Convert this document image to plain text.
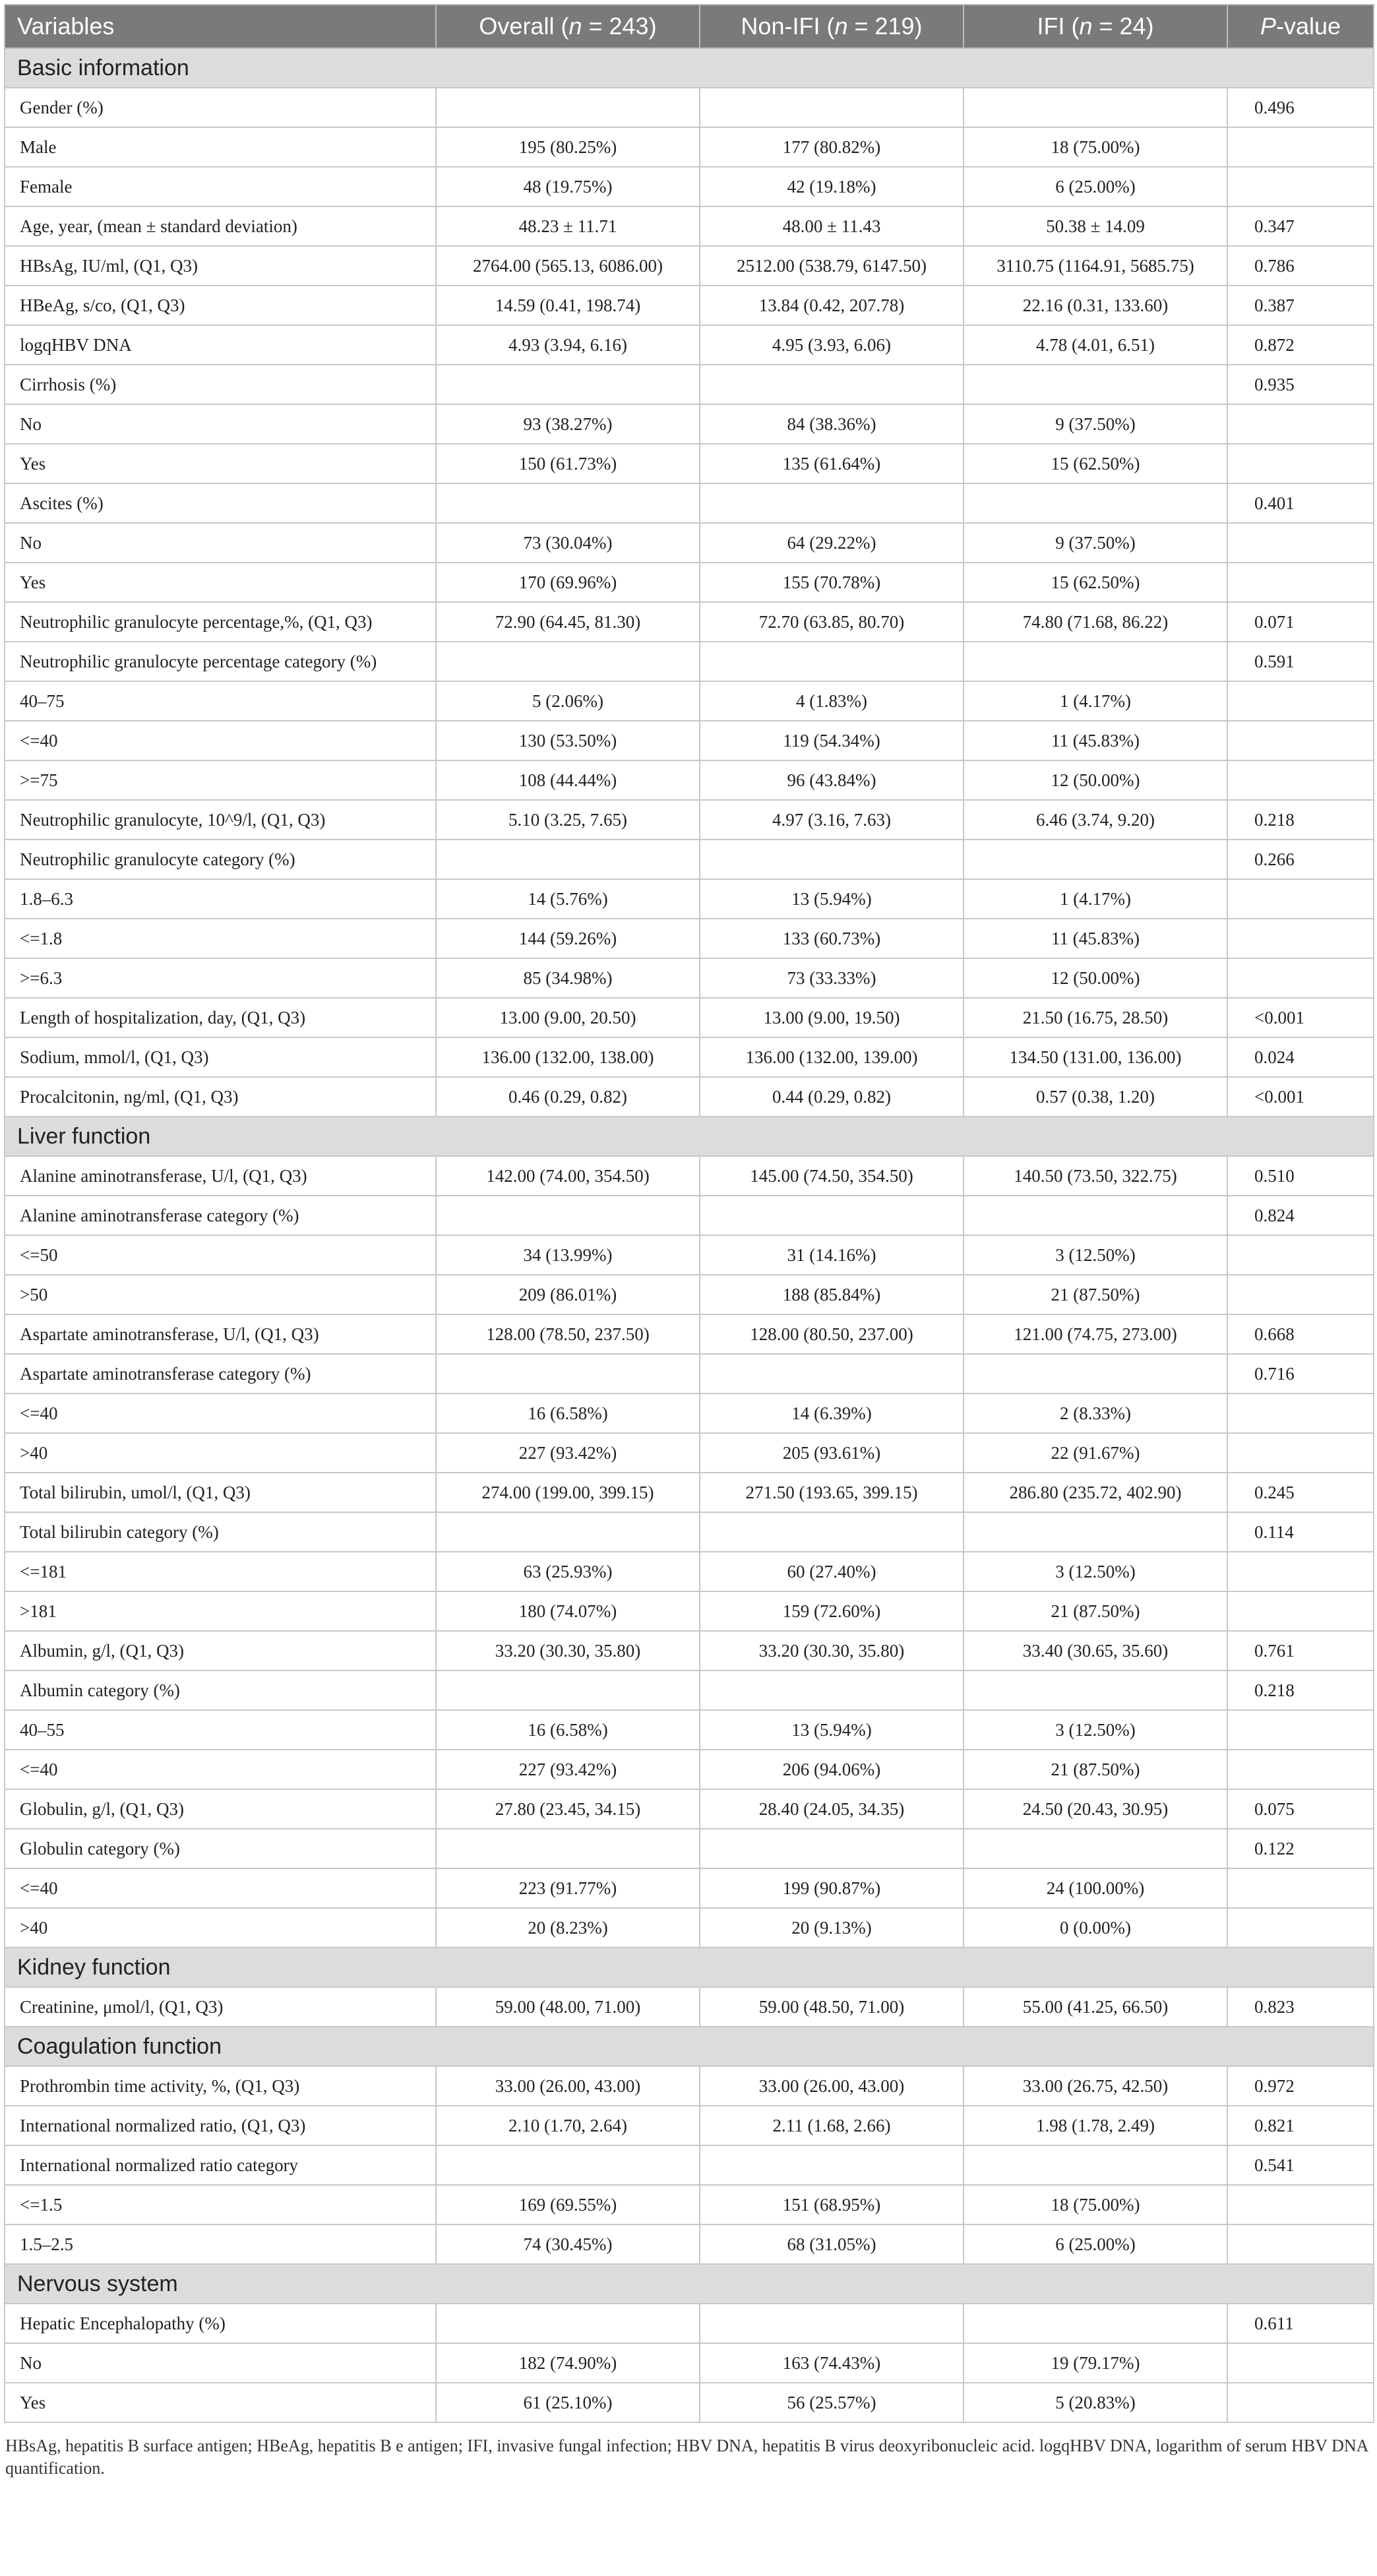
Variables	Overall (n = 243)	Non-IFI (n = 219)	IFI (n = 24)	P-value
Basic information				
Gender (%)				0.496
Male	195 (80.25%)	177 (80.82%)	18 (75.00%)	
Female	48 (19.75%)	42 (19.18%)	6 (25.00%)	
Age, year, (mean ± standard deviation)	48.23 ± 11.71	48.00 ± 11.43	50.38 ± 14.09	0.347
HBsAg, IU/ml, (Q1, Q3)	2764.00 (565.13, 6086.00)	2512.00 (538.79, 6147.50)	3110.75 (1164.91, 5685.75)	0.786
HBeAg, s/co, (Q1, Q3)	14.59 (0.41, 198.74)	13.84 (0.42, 207.78)	22.16 (0.31, 133.60)	0.387
logqHBV DNA	4.93 (3.94, 6.16)	4.95 (3.93, 6.06)	4.78 (4.01, 6.51)	0.872
Cirrhosis (%)				0.935
No	93 (38.27%)	84 (38.36%)	9 (37.50%)	
Yes	150 (61.73%)	135 (61.64%)	15 (62.50%)	
Ascites (%)				0.401
No	73 (30.04%)	64 (29.22%)	9 (37.50%)	
Yes	170 (69.96%)	155 (70.78%)	15 (62.50%)	
Neutrophilic granulocyte percentage,%, (Q1, Q3)	72.90 (64.45, 81.30)	72.70 (63.85, 80.70)	74.80 (71.68, 86.22)	0.071
Neutrophilic granulocyte percentage category (%)				0.591
40–75	5 (2.06%)	4 (1.83%)	1 (4.17%)	
<=40	130 (53.50%)	119 (54.34%)	11 (45.83%)	
>=75	108 (44.44%)	96 (43.84%)	12 (50.00%)	
Neutrophilic granulocyte, 10^9/l, (Q1, Q3)	5.10 (3.25, 7.65)	4.97 (3.16, 7.63)	6.46 (3.74, 9.20)	0.218
Neutrophilic granulocyte category (%)				0.266
1.8–6.3	14 (5.76%)	13 (5.94%)	1 (4.17%)	
<=1.8	144 (59.26%)	133 (60.73%)	11 (45.83%)	
>=6.3	85 (34.98%)	73 (33.33%)	12 (50.00%)	
Length of hospitalization, day, (Q1, Q3)	13.00 (9.00, 20.50)	13.00 (9.00, 19.50)	21.50 (16.75, 28.50)	<0.001
Sodium, mmol/l, (Q1, Q3)	136.00 (132.00, 138.00)	136.00 (132.00, 139.00)	134.50 (131.00, 136.00)	0.024
Procalcitonin, ng/ml, (Q1, Q3)	0.46 (0.29, 0.82)	0.44 (0.29, 0.82)	0.57 (0.38, 1.20)	<0.001
Liver function				
Alanine aminotransferase, U/l, (Q1, Q3)	142.00 (74.00, 354.50)	145.00 (74.50, 354.50)	140.50 (73.50, 322.75)	0.510
Alanine aminotransferase category (%)				0.824
<=50	34 (13.99%)	31 (14.16%)	3 (12.50%)	
>50	209 (86.01%)	188 (85.84%)	21 (87.50%)	
Aspartate aminotransferase, U/l, (Q1, Q3)	128.00 (78.50, 237.50)	128.00 (80.50, 237.00)	121.00 (74.75, 273.00)	0.668
Aspartate aminotransferase category (%)				0.716
<=40	16 (6.58%)	14 (6.39%)	2 (8.33%)	
>40	227 (93.42%)	205 (93.61%)	22 (91.67%)	
Total bilirubin, umol/l, (Q1, Q3)	274.00 (199.00, 399.15)	271.50 (193.65, 399.15)	286.80 (235.72, 402.90)	0.245
Total bilirubin category (%)				0.114
<=181	63 (25.93%)	60 (27.40%)	3 (12.50%)	
>181	180 (74.07%)	159 (72.60%)	21 (87.50%)	
Albumin, g/l, (Q1, Q3)	33.20 (30.30, 35.80)	33.20 (30.30, 35.80)	33.40 (30.65, 35.60)	0.761
Albumin category (%)				0.218
40–55	16 (6.58%)	13 (5.94%)	3 (12.50%)	
<=40	227 (93.42%)	206 (94.06%)	21 (87.50%)	
Globulin, g/l, (Q1, Q3)	27.80 (23.45, 34.15)	28.40 (24.05, 34.35)	24.50 (20.43, 30.95)	0.075
Globulin category (%)				0.122
<=40	223 (91.77%)	199 (90.87%)	24 (100.00%)	
>40	20 (8.23%)	20 (9.13%)	0 (0.00%)	
Kidney function				
Creatinine, μmol/l, (Q1, Q3)	59.00 (48.00, 71.00)	59.00 (48.50, 71.00)	55.00 (41.25, 66.50)	0.823
Coagulation function				
Prothrombin time activity, %, (Q1, Q3)	33.00 (26.00, 43.00)	33.00 (26.00, 43.00)	33.00 (26.75, 42.50)	0.972
International normalized ratio, (Q1, Q3)	2.10 (1.70, 2.64)	2.11 (1.68, 2.66)	1.98 (1.78, 2.49)	0.821
International normalized ratio category				0.541
<=1.5	169 (69.55%)	151 (68.95%)	18 (75.00%)	
1.5–2.5	74 (30.45%)	68 (31.05%)	6 (25.00%)	
Nervous system				
Hepatic Encephalopathy (%)				0.611
No	182 (74.90%)	163 (74.43%)	19 (79.17%)	
Yes	61 (25.10%)	56 (25.57%)	5 (20.83%)	
HBsAg, hepatitis B surface antigen; HBeAg, hepatitis B e antigen; IFI, invasive fungal infection; HBV DNA, hepatitis B virus deoxyribonucleic acid. logqHBV DNA, logarithm of serum HBV DNA quantification.
